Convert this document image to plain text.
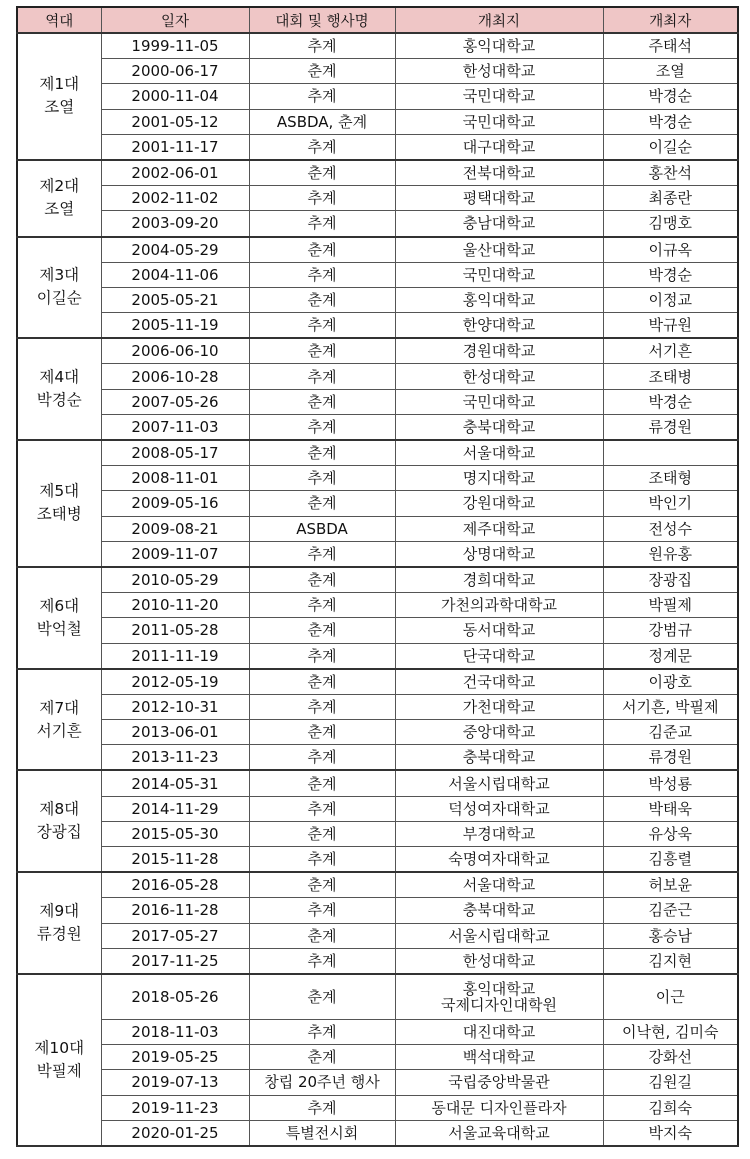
역대	일자	대회 및 행사명	개최지	개최자

제1대
조열	1999-11-05	추계	홍익대학교	주태석
	2000-06-17	춘계	한성대학교	조열
	2000-11-04	추계	국민대학교	박경순
	2001-05-12	ASBDA, 춘계	국민대학교	박경순
	2001-11-17	추계	대구대학교	이길순

제2대
조열	2002-06-01	춘계	전북대학교	홍찬석
	2002-11-02	추계	평택대학교	최종란
	2003-09-20	추계	충남대학교	김맹호

제3대
이길순	2004-05-29	춘계	울산대학교	이규옥
	2004-11-06	추계	국민대학교	박경순
	2005-05-21	춘계	홍익대학교	이정교
	2005-11-19	추계	한양대학교	박규원

제4대
박경순	2006-06-10	춘계	경원대학교	서기흔
	2006-10-28	추계	한성대학교	조태병
	2007-05-26	춘계	국민대학교	박경순
	2007-11-03	추계	충북대학교	류경원

제5대
조태병	2008-05-17	춘계	서울대학교	

	2008-11-01	추계	명지대학교	조태형
	2009-05-16	춘계	강원대학교	박인기
	2009-08-21	ASBDA	제주대학교	전성수
	2009-11-07	추계	상명대학교	원유홍

제6대
박억철	2010-05-29	춘계	경희대학교	장광집
	2010-11-20	추계	가천의과학대학교	박필제
	2011-05-28	춘계	동서대학교	강범규
	2011-11-19	추계	단국대학교	정계문

제7대
서기흔	2012-05-19	춘계	건국대학교	이광호
	2012-10-31	추계	가천대학교	서기흔, 박필제
	2013-06-01	춘계	중앙대학교	김준교
	2013-11-23	추계	충북대학교	류경원

제8대
장광집	2014-05-31	춘계	서울시립대학교	박성룡
	2014-11-29	추계	덕성여자대학교	박태욱
	2015-05-30	춘계	부경대학교	유상욱
	2015-11-28	추계	숙명여자대학교	김흥렬

제9대
류경원	2016-05-28	춘계	서울대학교	허보윤
	2016-11-28	추계	충북대학교	김준근
	2017-05-27	춘계	서울시립대학교	홍승남
	2017-11-25	추계	한성대학교	김지현

제10대
박필제	2018-05-26	춘계	홍익대학교
국제디자인대학원	이근
	2018-11-03	추계	대진대학교	이낙현, 김미숙
	2019-05-25	춘계	백석대학교	강화선
	2019-07-13	창립 20주년 행사	국립중앙박물관	김원길
	2019-11-23	추계	동대문 디자인플라자	김희숙
	2020-01-25	특별전시회	서울교육대학교	박지숙
